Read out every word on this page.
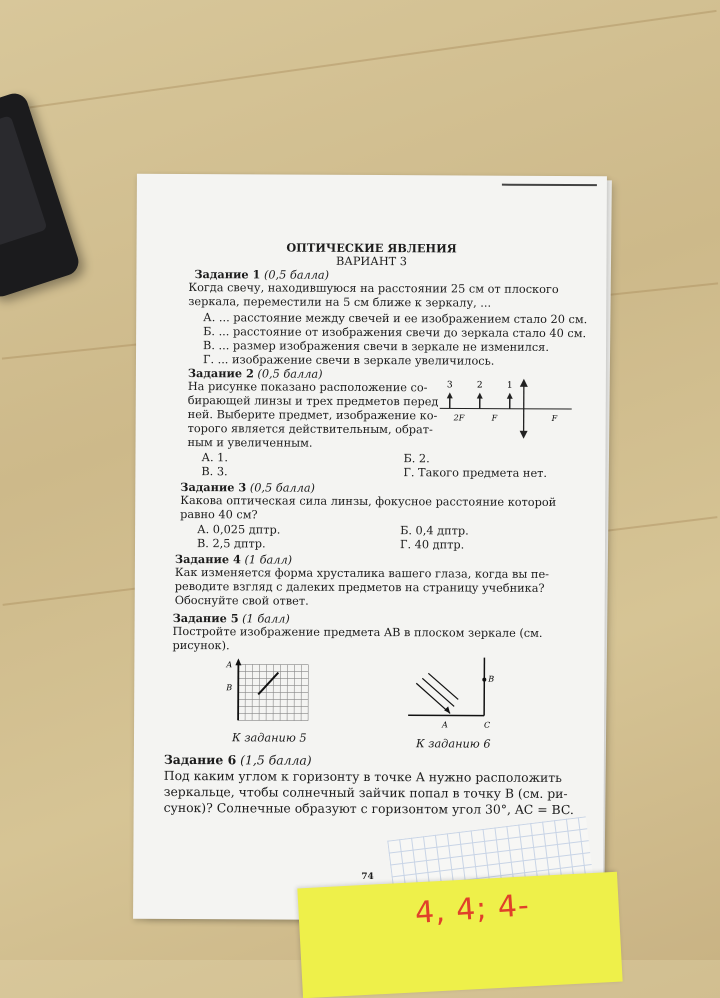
ОПТИЧЕСКИЕ ЯВЛЕНИЯ
ВАРИАНТ 3
Задание 1 (0,5 балла)
Когда свечу, находившуюся на расстоянии 25 см от плоского
зеркала, переместили на 5 см ближе к зеркалу, ...
А. ... расстояние между свечей и ее изображением стало 20 см.
Б. ... расстояние от изображения свечи до зеркала стало 40 см.
В. ... размер изображения свечи в зеркале не изменился.
Г. ... изображение свечи в зеркале увеличилось.
Задание 2 (0,5 балла)
На рисунке показано расположение со-
бирающей линзы и трех предметов перед
ней. Выберите предмет, изображение ко-
торого является действительным, обрат-
ным и увеличенным.
3	2	1
2F	F	F
А. 1.	Б. 2.
В. 3.	Г. Такого предмета нет.
Задание 3 (0,5 балла)
Какова оптическая сила линзы, фокусное расстояние которой
равно 40 см?
А. 0,025 дптр.	Б. 0,4 дптр.
В. 2,5 дптр.	Г. 40 дптр.
Задание 4 (1 балл)
Как изменяется форма хрусталика вашего глаза, когда вы пе-
реводите взгляд с далеких предметов на страницу учебника?
Обоснуйте свой ответ.
Задание 5 (1 балл)
Постройте изображение предмета AB в плоском зеркале (см.
рисунок).
A
B
К заданию 5
A
B
C
К заданию 6
Задание 6 (1,5 балла)
Под каким углом к горизонту в точке A нужно расположить
зеркальце, чтобы солнечный зайчик попал в точку B (см. ри-
сунок)? Солнечные образуют с горизонтом угол 30°, AC = BC.
74
4, 4; 4-
